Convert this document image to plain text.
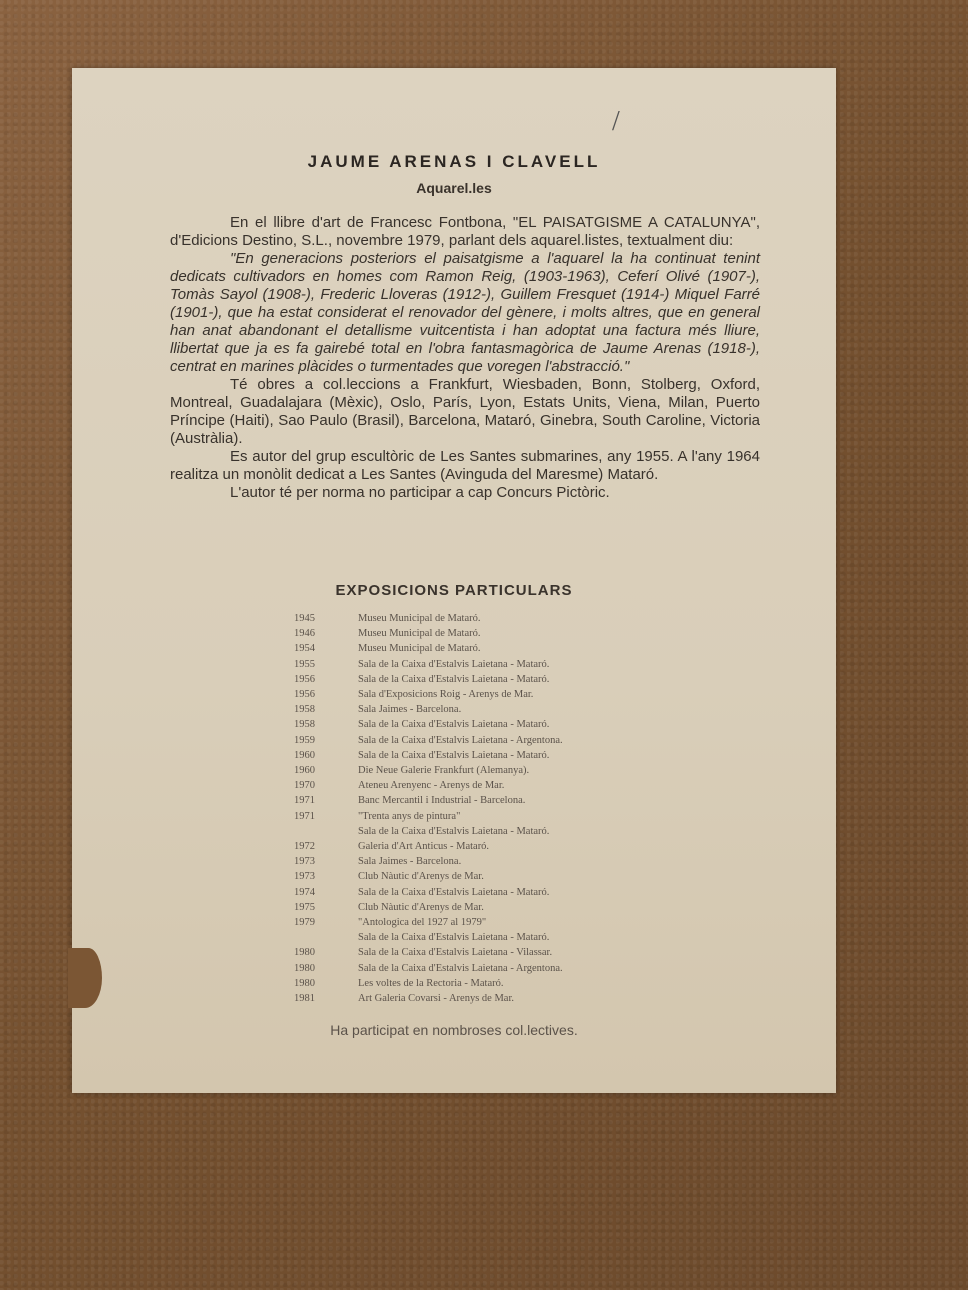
/
JAUME ARENAS I CLAVELL
Aquarel.les

En el llibre d'art de Francesc Fontbona, "EL PAISATGISME A CATALUNYA", d'Edicions Destino, S.L., novembre 1979, parlant dels aquarel.listes, textualment diu:

"En generacions posteriors el paisatgisme a l'aquarel la ha continuat tenint dedicats cultivadors en homes com Ramon Reig, (1903-1963), Ceferí Olivé (1907-), Tomàs Sayol (1908-), Frederic Lloveras (1912-), Guillem Fresquet (1914-) Miquel Farré (1901-), que ha estat considerat el renovador del gènere, i molts altres, que en general han anat abandonant el detallisme vuitcentista i han adoptat una factura més lliure, llibertat que ja es fa gairebé total en l'obra fantasmagòrica de Jaume Arenas (1918-), centrat en marines plàcides o turmentades que voregen l'abstracció."

Té obres a col.leccions a Frankfurt, Wiesbaden, Bonn, Stolberg, Oxford, Montreal, Guadalajara (Mèxic), Oslo, París, Lyon, Estats Units, Viena, Milan, Puerto Príncipe (Haiti), Sao Paulo (Brasil), Barcelona, Mataró, Ginebra, South Caroline, Victoria (Austràlia).

Es autor del grup escultòric de Les Santes submarines, any 1955. A l'any 1964 realitza un monòlit dedicat a Les Santes (Avinguda del Maresme) Mataró.

L'autor té per norma no participar a cap Concurs Pictòric.

EXPOSICIONS PARTICULARS
1945	Museu Municipal de Mataró.
1946	Museu Municipal de Mataró.
1954	Museu Municipal de Mataró.
1955	Sala de la Caixa d'Estalvis Laietana - Mataró.
1956	Sala de la Caixa d'Estalvis Laietana - Mataró.
1956	Sala d'Exposicions Roig - Arenys de Mar.
1958	Sala Jaimes - Barcelona.
1958	Sala de la Caixa d'Estalvis Laietana - Mataró.
1959	Sala de la Caixa d'Estalvis Laietana - Argentona.
1960	Sala de la Caixa d'Estalvis Laietana - Mataró.
1960	Die Neue Galerie Frankfurt (Alemanya).
1970	Ateneu Arenyenc - Arenys de Mar.
1971	Banc Mercantil i Industrial - Barcelona.
1971	"Trenta anys de pintura"
Sala de la Caixa d'Estalvis Laietana - Mataró.
1972	Galeria d'Art Anticus - Mataró.
1973	Sala Jaimes - Barcelona.
1973	Club Nàutic d'Arenys de Mar.
1974	Sala de la Caixa d'Estalvis Laietana - Mataró.
1975	Club Nàutic d'Arenys de Mar.
1979	"Antologica del 1927 al 1979"
Sala de la Caixa d'Estalvis Laietana - Mataró.
1980	Sala de la Caixa d'Estalvis Laietana - Vilassar.
1980	Sala de la Caixa d'Estalvis Laietana - Argentona.
1980	Les voltes de la Rectoria - Mataró.
1981	Art Galeria Covarsi - Arenys de Mar.
Ha participat en nombroses col.lectives.
